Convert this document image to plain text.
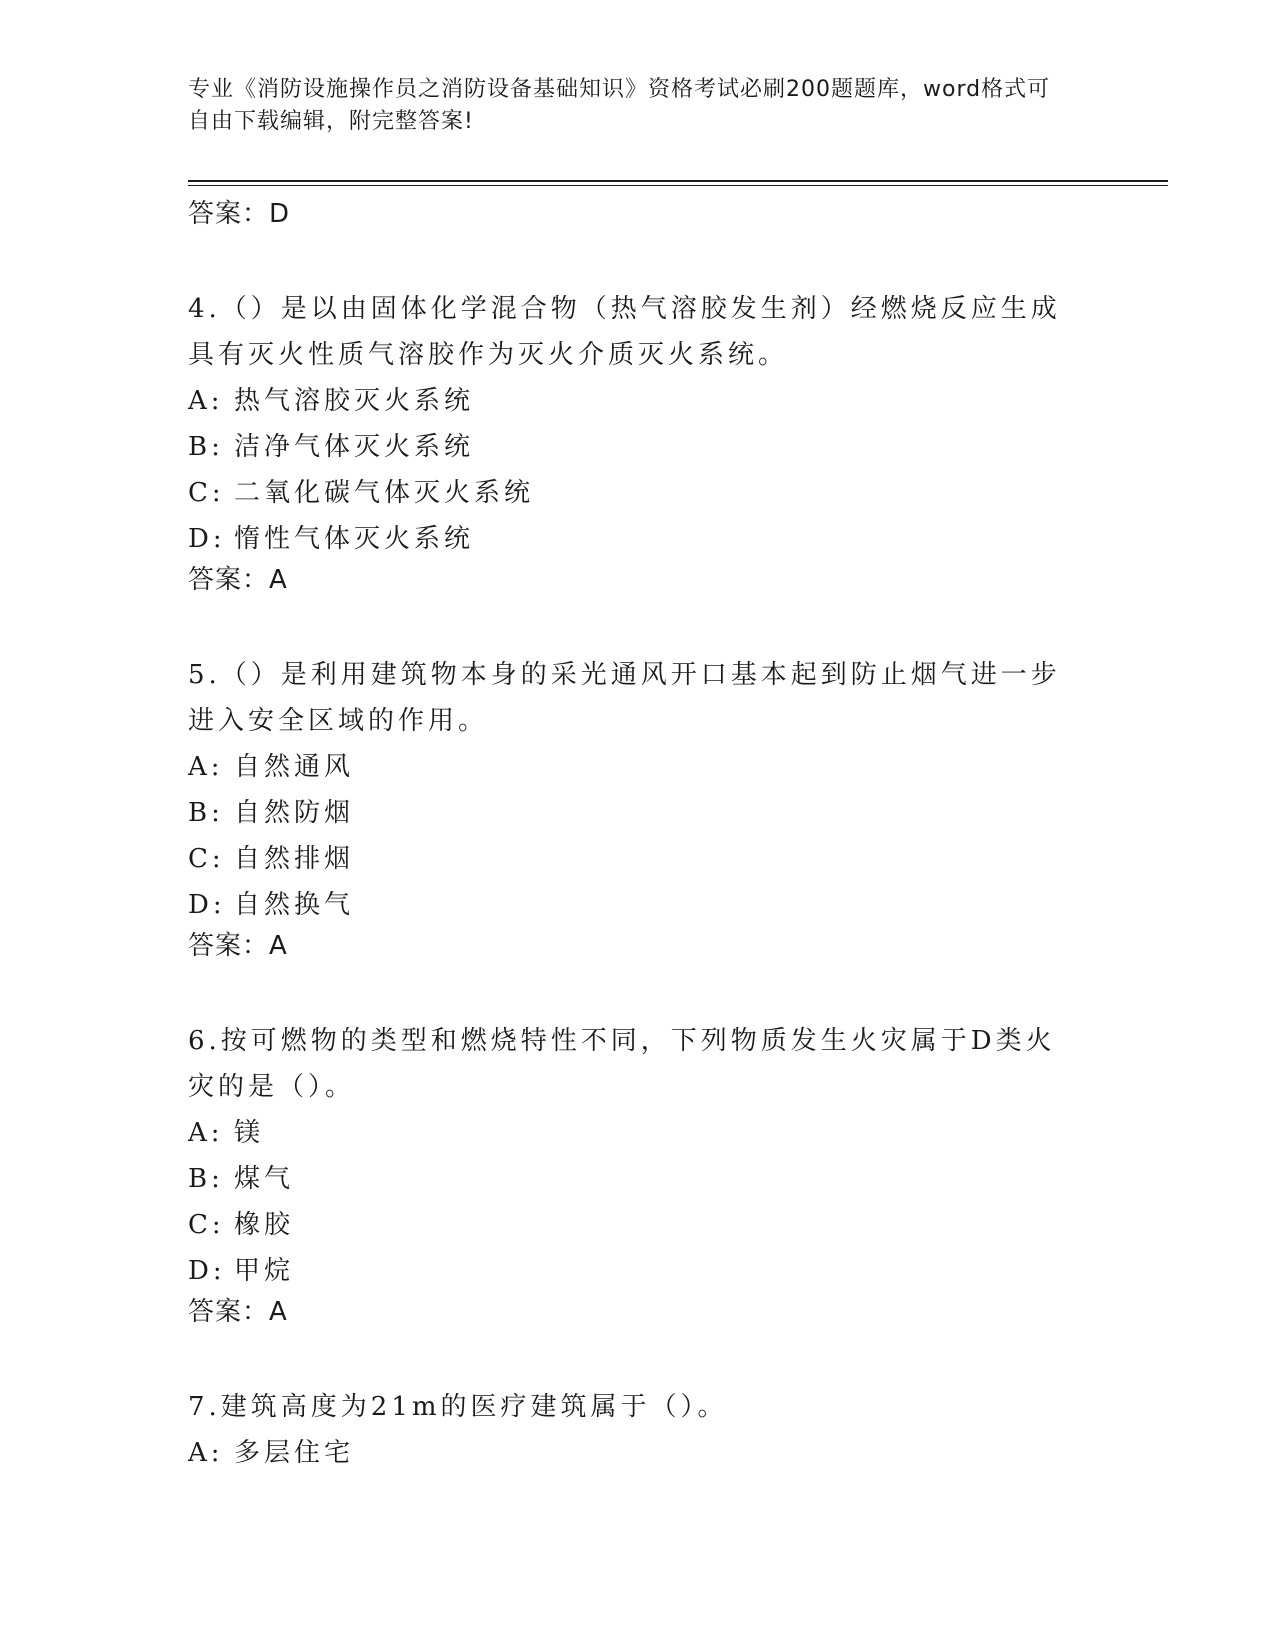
专业《消防设施操作员之消防设备基础知识》资格考试必刷200题题库，word格式可自由下载编辑，附完整答案!
答案：D
4.（）是以由固体化学混合物（热气溶胶发生剂）经燃烧反应生成具有灭火性质气溶胶作为灭火介质灭火系统。
A: 热气溶胶灭火系统
B: 洁净气体灭火系统
C: 二氧化碳气体灭火系统
D: 惰性气体灭火系统
答案：A
5.（）是利用建筑物本身的采光通风开口基本起到防止烟气进一步进入安全区域的作用。
A: 自然通风
B: 自然防烟
C: 自然排烟
D: 自然换气
答案：A
6.按可燃物的类型和燃烧特性不同，下列物质发生火灾属于D类火灾的是（）。
A: 镁
B: 煤气
C: 橡胶
D: 甲烷
答案：A
7.建筑高度为21m的医疗建筑属于（）。
A: 多层住宅
